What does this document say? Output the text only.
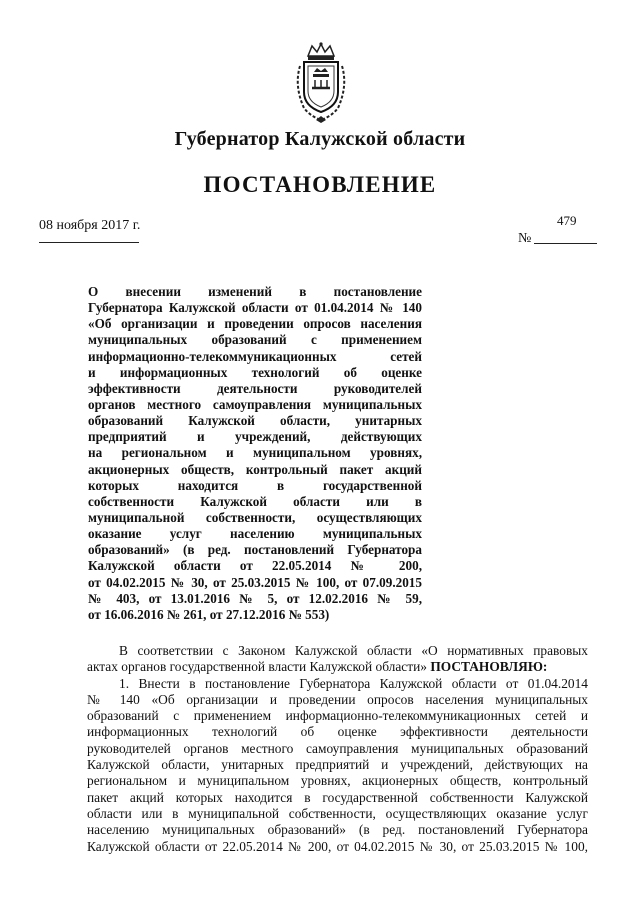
Губернатор Калужской области
ПОСТАНОВЛЕНИЕ
08 ноября 2017 г.	479
№
О внесении изменений в постановление
Губернатора Калужской области от 01.04.2014 № 140
«Об организации и проведении опросов населения
муниципальных образований с применением
информационно-телекоммуникационных сетей
и информационных технологий об оценке
эффективности деятельности руководителей
органов местного самоуправления муниципальных
образований Калужской области, унитарных
предприятий и учреждений, действующих
на региональном и муниципальном уровнях,
акционерных обществ, контрольный пакет акций
которых находится в государственной
собственности Калужской области или в
муниципальной собственности, осуществляющих
оказание услуг населению муниципальных
образований» (в ред. постановлений Губернатора
Калужской области от 22.05.2014 № 200,
от 04.02.2015 № 30, от 25.03.2015 № 100, от 07.09.2015
№ 403, от 13.01.2016 № 5, от 12.02.2016 № 59,
от 16.06.2016 № 261, от 27.12.2016 № 553)
В соответствии с Законом Калужской области «О нормативных правовых
актах органов государственной власти Калужской области» ПОСТАНОВЛЯЮ:
1. Внести в постановление Губернатора Калужской области от 01.04.2014
№ 140 «Об организации и проведении опросов населения муниципальных
образований с применением информационно-телекоммуникационных сетей и
информационных технологий об оценке эффективности деятельности
руководителей органов местного самоуправления муниципальных образований
Калужской области, унитарных предприятий и учреждений, действующих на
региональном и муниципальном уровнях, акционерных обществ, контрольный
пакет акций которых находится в государственной собственности Калужской
области или в муниципальной собственности, осуществляющих оказание услуг
населению муниципальных образований» (в ред. постановлений Губернатора
Калужской области от 22.05.2014 № 200, от 04.02.2015 № 30, от 25.03.2015 № 100,
